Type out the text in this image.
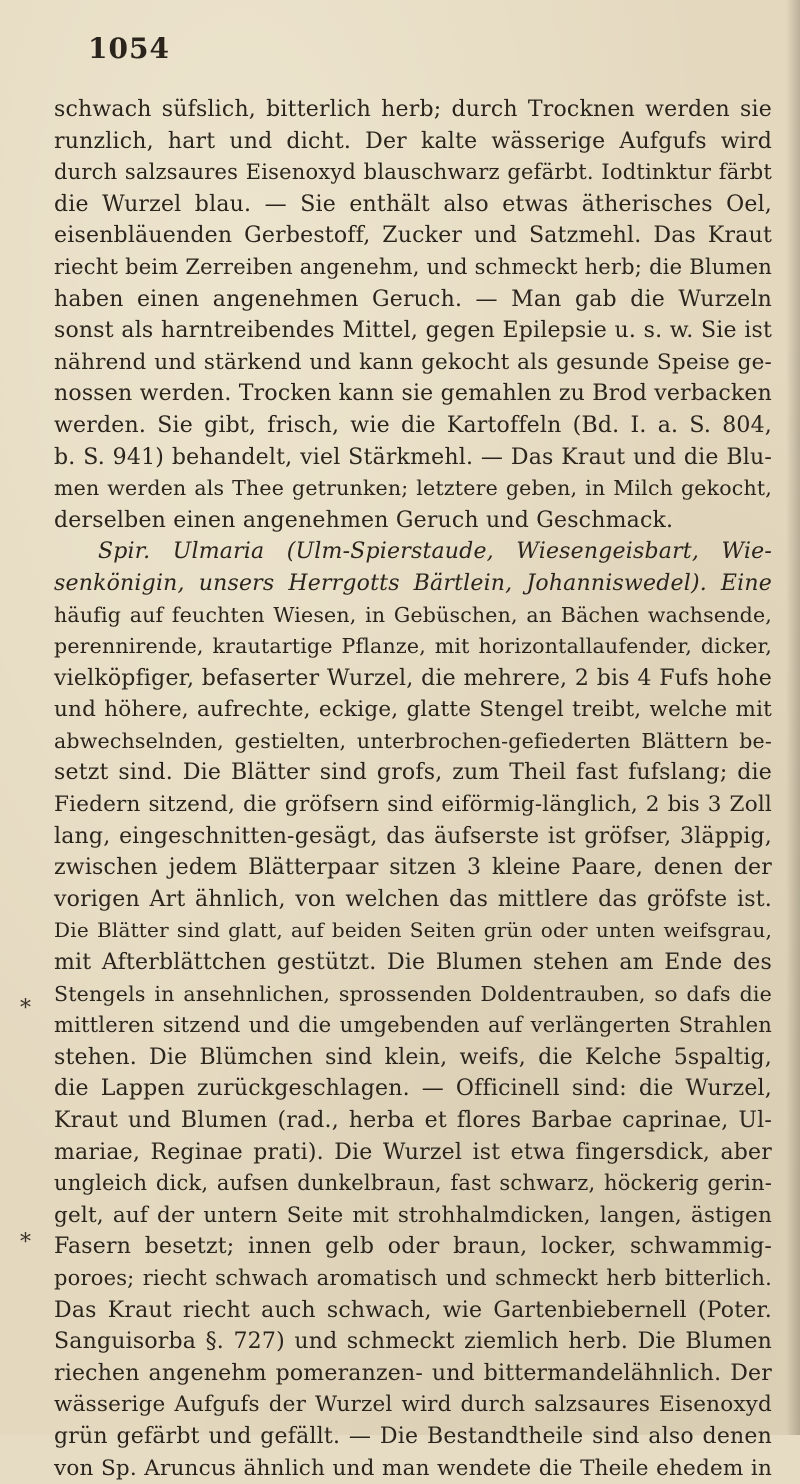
1054
schwach süfslich, bitterlich herb; durch Trocknen werden sie
runzlich, hart und dicht. Der kalte wässerige Aufgufs wird
durch salzsaures Eisenoxyd blauschwarz gefärbt. Iodtinktur färbt
die Wurzel blau. — Sie enthält also etwas ätherisches Oel,
eisenbläuenden Gerbestoff, Zucker und Satzmehl. Das Kraut
riecht beim Zerreiben angenehm, und schmeckt herb; die Blumen
haben einen angenehmen Geruch. — Man gab die Wurzeln
sonst als harntreibendes Mittel, gegen Epilepsie u. s. w. Sie ist
nährend und stärkend und kann gekocht als gesunde Speise ge-
nossen werden. Trocken kann sie gemahlen zu Brod verbacken
werden. Sie gibt, frisch, wie die Kartoffeln (Bd. I. a. S. 804,
b. S. 941) behandelt, viel Stärkmehl. — Das Kraut und die Blu-
men werden als Thee getrunken; letztere geben, in Milch gekocht,
derselben einen angenehmen Geruch und Geschmack.
Spir. Ulmaria (Ulm-Spierstaude, Wiesengeisbart, Wie-
senkönigin, unsers Herrgotts Bärtlein, Johanniswedel). Eine
häufig auf feuchten Wiesen, in Gebüschen, an Bächen wachsende,
perennirende, krautartige Pflanze, mit horizontallaufender, dicker,
vielköpfiger, befaserter Wurzel, die mehrere, 2 bis 4 Fufs hohe
und höhere, aufrechte, eckige, glatte Stengel treibt, welche mit
abwechselnden, gestielten, unterbrochen-gefiederten Blättern be-
setzt sind. Die Blätter sind grofs, zum Theil fast fufslang; die
Fiedern sitzend, die gröfsern sind eiförmig-länglich, 2 bis 3 Zoll
lang, eingeschnitten-gesägt, das äufserste ist gröfser, 3läppig,
zwischen jedem Blätterpaar sitzen 3 kleine Paare, denen der
vorigen Art ähnlich, von welchen das mittlere das gröfste ist.
Die Blätter sind glatt, auf beiden Seiten grün oder unten weifsgrau,
mit Afterblättchen gestützt. Die Blumen stehen am Ende des
Stengels in ansehnlichen, sprossenden Doldentrauben, so dafs die
mittleren sitzend und die umgebenden auf verlängerten Strahlen
stehen. Die Blümchen sind klein, weifs, die Kelche 5spaltig,
die Lappen zurückgeschlagen. — Officinell sind: die Wurzel,
Kraut und Blumen (rad., herba et flores Barbae caprinae, Ul-
mariae, Reginae prati). Die Wurzel ist etwa fingersdick, aber
ungleich dick, aufsen dunkelbraun, fast schwarz, höckerig gerin-
gelt, auf der untern Seite mit strohhalmdicken, langen, ästigen
Fasern besetzt; innen gelb oder braun, locker, schwammig-
poroes; riecht schwach aromatisch und schmeckt herb bitterlich.
Das Kraut riecht auch schwach, wie Gartenbiebernell (Poter.
Sanguisorba §. 727) und schmeckt ziemlich herb. Die Blumen
riechen angenehm pomeranzen- und bittermandelähnlich. Der
wässerige Aufgufs der Wurzel wird durch salzsaures Eisenoxyd
grün gefärbt und gefällt. — Die Bestandtheile sind also denen
von Sp. Aruncus ähnlich und man wendete die Theile ehedem in
*
*
